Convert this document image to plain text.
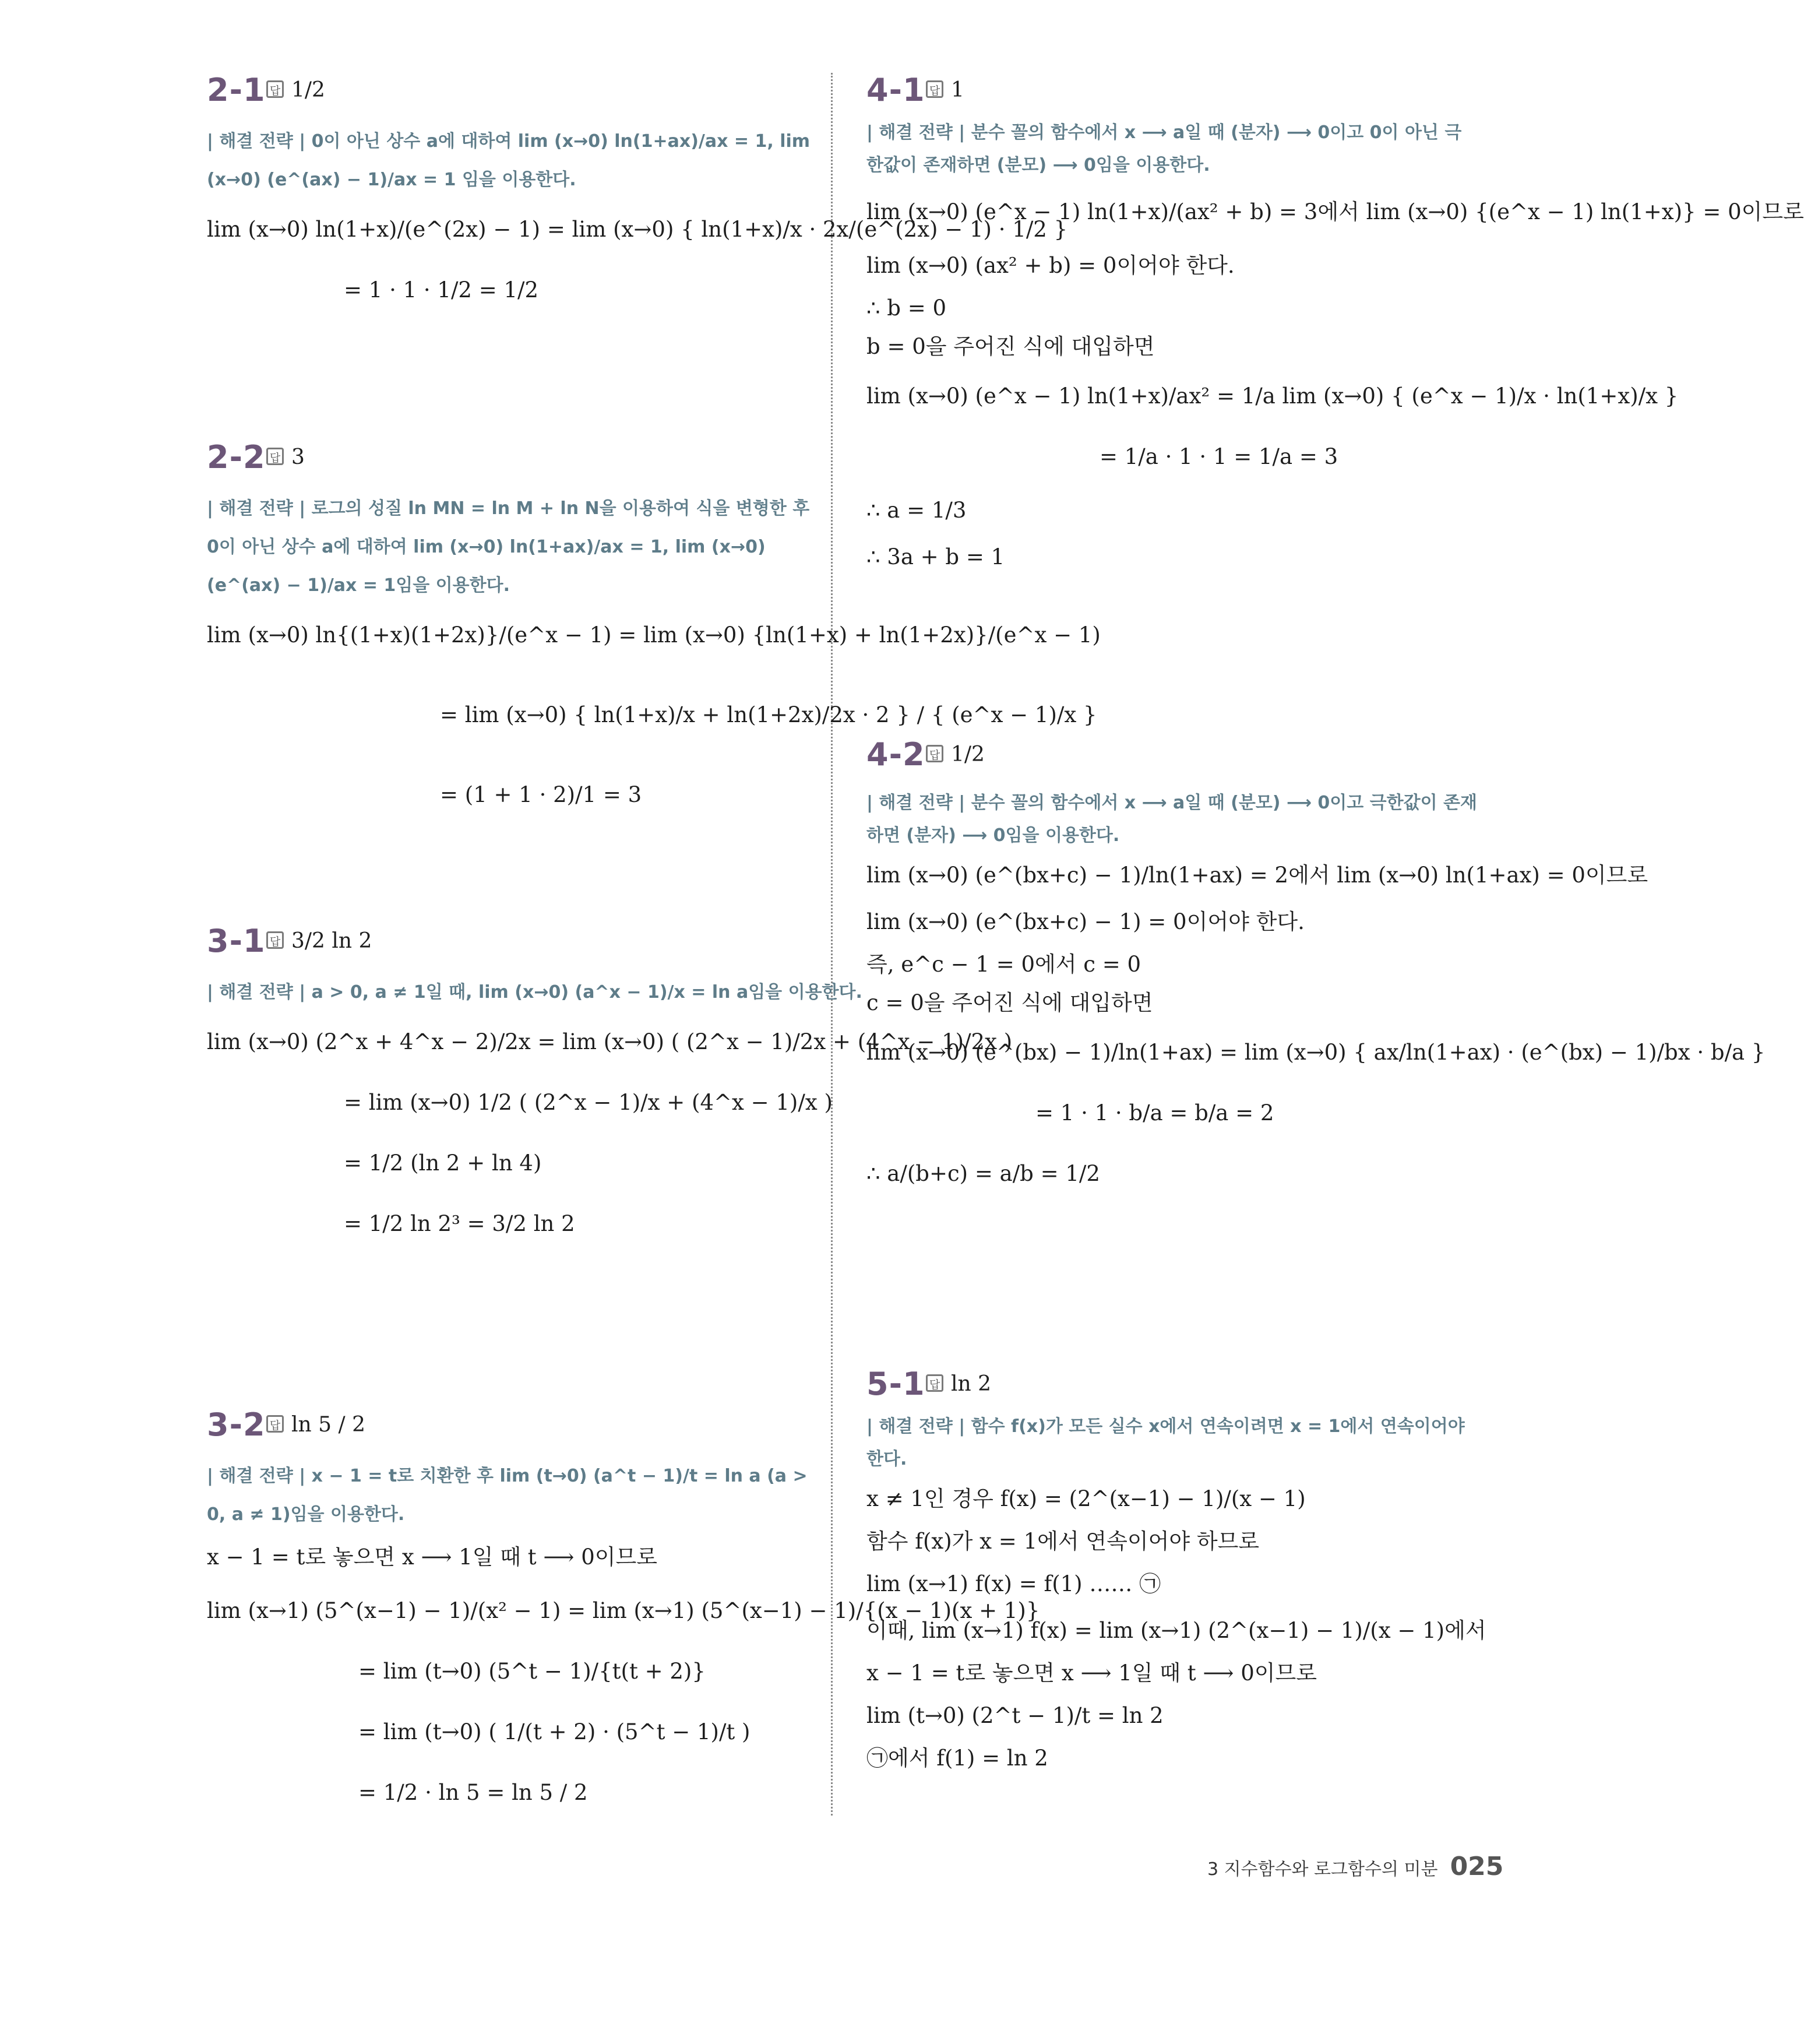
2-1 답 1/2
| 해결 전략 | 0이 아닌 상수 a에 대하여 lim (x→0) ln(1+ax)/ax = 1, lim (x→0) (e^(ax) − 1)/ax = 1 임을 이용한다.
lim (x→0) ln(1+x)/(e^(2x) − 1) = lim (x→0) { ln(1+x)/x · 2x/(e^(2x) − 1) · 1/2 }
= 1 · 1 · 1/2 = 1/2
2-2 답 3
| 해결 전략 | 로그의 성질 ln MN = ln M + ln N을 이용하여 식을 변형한 후 0이 아닌 상수 a에 대하여 lim (x→0) ln(1+ax)/ax = 1, lim (x→0) (e^(ax) − 1)/ax = 1임을 이용한다.
lim (x→0) ln{(1+x)(1+2x)}/(e^x − 1) = lim (x→0) {ln(1+x) + ln(1+2x)}/(e^x − 1)
= lim (x→0) { ln(1+x)/x + ln(1+2x)/2x · 2 } / { (e^x − 1)/x }
= (1 + 1 · 2)/1 = 3
3-1 답 3/2 ln 2
| 해결 전략 | a > 0, a ≠ 1일 때, lim (x→0) (a^x − 1)/x = ln a임을 이용한다.
lim (x→0) (2^x + 4^x − 2)/2x = lim (x→0) ( (2^x − 1)/2x + (4^x − 1)/2x )
= lim (x→0) 1/2 ( (2^x − 1)/x + (4^x − 1)/x )
= 1/2 (ln 2 + ln 4)
= 1/2 ln 2³ = 3/2 ln 2
3-2 답 ln 5 / 2
| 해결 전략 | x − 1 = t로 치환한 후 lim (t→0) (a^t − 1)/t = ln a (a > 0, a ≠ 1)임을 이용한다.
x − 1 = t로 놓으면 x ⟶ 1일 때 t ⟶ 0이므로
lim (x→1) (5^(x−1) − 1)/(x² − 1) = lim (x→1) (5^(x−1) − 1)/{(x − 1)(x + 1)}
= lim (t→0) (5^t − 1)/{t(t + 2)}
= lim (t→0) ( 1/(t + 2) · (5^t − 1)/t )
= 1/2 · ln 5 = ln 5 / 2
4-1 답 1
| 해결 전략 | 분수 꼴의 함수에서 x ⟶ a일 때 (분자) ⟶ 0이고 0이 아닌 극한값이 존재하면 (분모) ⟶ 0임을 이용한다.
lim (x→0) (e^x − 1) ln(1+x)/(ax² + b) = 3에서 lim (x→0) {(e^x − 1) ln(1+x)} = 0이므로
lim (x→0) (ax² + b) = 0이어야 한다.
∴ b = 0
b = 0을 주어진 식에 대입하면
lim (x→0) (e^x − 1) ln(1+x)/ax² = 1/a lim (x→0) { (e^x − 1)/x · ln(1+x)/x }
= 1/a · 1 · 1 = 1/a = 3
∴ a = 1/3
∴ 3a + b = 1
4-2 답 1/2
| 해결 전략 | 분수 꼴의 함수에서 x ⟶ a일 때 (분모) ⟶ 0이고 극한값이 존재하면 (분자) ⟶ 0임을 이용한다.
lim (x→0) (e^(bx+c) − 1)/ln(1+ax) = 2에서 lim (x→0) ln(1+ax) = 0이므로
lim (x→0) (e^(bx+c) − 1) = 0이어야 한다.
즉, e^c − 1 = 0에서 c = 0
c = 0을 주어진 식에 대입하면
lim (x→0) (e^(bx) − 1)/ln(1+ax) = lim (x→0) { ax/ln(1+ax) · (e^(bx) − 1)/bx · b/a }
= 1 · 1 · b/a = b/a = 2
∴ a/(b+c) = a/b = 1/2
5-1 답 ln 2
| 해결 전략 | 함수 f(x)가 모든 실수 x에서 연속이려면 x = 1에서 연속이어야 한다.
x ≠ 1인 경우 f(x) = (2^(x−1) − 1)/(x − 1)
함수 f(x)가 x = 1에서 연속이어야 하므로
lim (x→1) f(x) = f(1) …… ㉠
이때, lim (x→1) f(x) = lim (x→1) (2^(x−1) − 1)/(x − 1)에서
x − 1 = t로 놓으면 x ⟶ 1일 때 t ⟶ 0이므로
lim (t→0) (2^t − 1)/t = ln 2
㉠에서 f(1) = ln 2
3 지수함수와 로그함수의 미분 025
